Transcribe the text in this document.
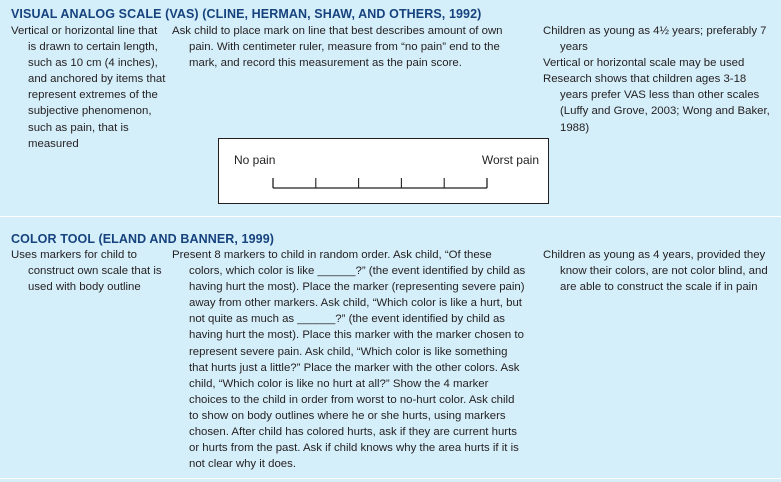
VISUAL ANALOG SCALE (VAS) (CLINE, HERMAN, SHAW, AND OTHERS, 1992)

Vertical or horizontal line that is drawn to certain length, such as 10 cm (4 inches), and anchored by items that represent extremes of the subjective phenomenon, such as pain, that is measured

Ask child to place mark on line that best describes amount of own pain. With centimeter ruler, measure from “no pain” end to the mark, and record this measurement as the pain score.

Children as young as 4½ years; preferably 7 years

Vertical or horizontal scale may be used

Research shows that children ages 3-18 years prefer VAS less than other scales (Luffy and Grove, 2003; Wong and Baker, 1988)

No pain	Worst pain
COLOR TOOL (ELAND AND BANNER, 1999)

Uses markers for child to construct own scale that is used with body outline

Present 8 markers to child in random order. Ask child, “Of these colors, which color is like ______?” (the event identified by child as having hurt the most). Place the marker (representing severe pain) away from other markers. Ask child, “Which color is like a hurt, but not quite as much as ______?” (the event identified by child as having hurt the most). Place this marker with the marker chosen to represent severe pain. Ask child, “Which color is like something that hurts just a little?” Place the marker with the other colors. Ask child, “Which color is like no hurt at all?” Show the 4 marker choices to the child in order from worst to no-hurt color. Ask child to show on body outlines where he or she hurts, using markers chosen. After child has colored hurts, ask if they are current hurts or hurts from the past. Ask if child knows why the area hurts if it is not clear why it does.

Children as young as 4 years, provided they know their colors, are not color blind, and are able to construct the scale if in pain
